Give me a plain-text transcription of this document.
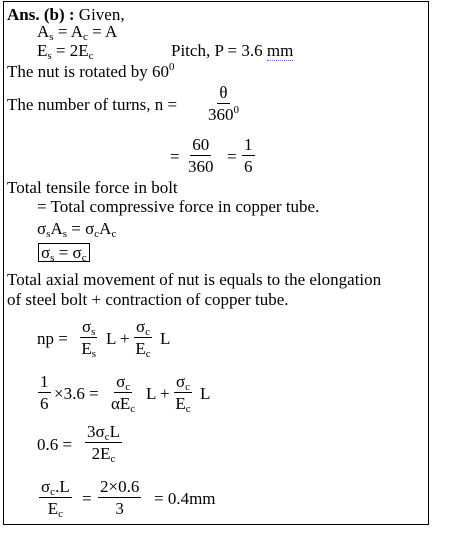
Ans. (b) : Given,
$A_s = A_c = A$
$E_s = 2E_c$	Pitch, P = 3.6 mm
The nut is rotated by $60^0$
The number of turns, $n = \frac{\theta}{360^0}$
= $\frac{60}{360} = \frac{1}{6}$
Total tensile force in bolt
= Total compressive force in copper tube.
$\sigma_sA_s = \sigma_cA_c$
$\sigma_s = \sigma_c$
Total axial movement of nut is equals to the elongation
of steel bolt + contraction of copper tube.
np = $\frac{\sigma_s}{E_s}$ $L + \frac{\sigma_c}{E_c}$ L
$\frac{1}{6} \times 3.6$ =
$\sigma_c$
$\alpha E_c$
$L + \frac{\sigma_c}{E_c}$ L
0.6 =
$3\sigma_cL$
$2E_c$
$\frac{\sigma_c.L}{E_c} = \frac{2\times 0.6}{3} = 0.4mm$
